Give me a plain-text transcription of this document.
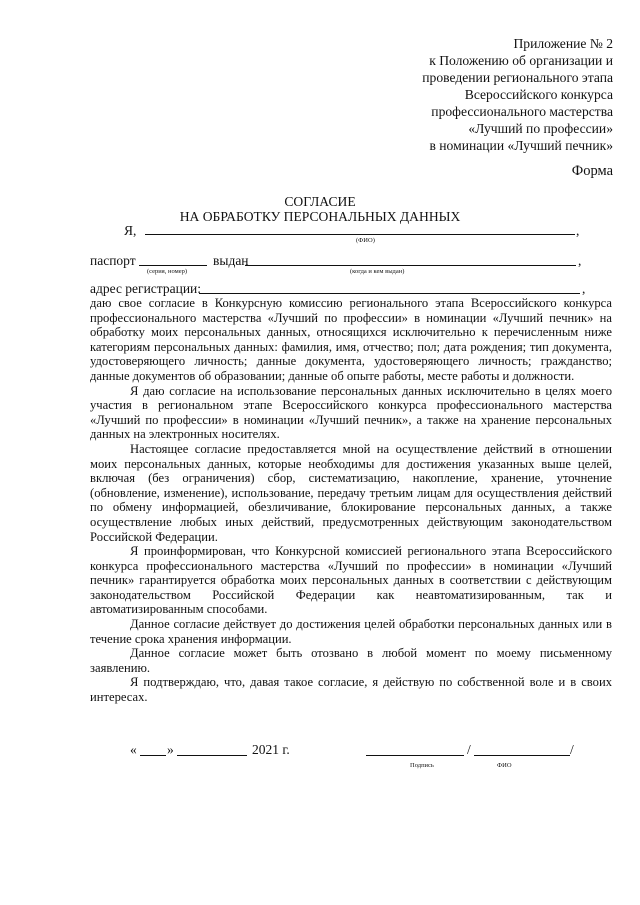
Приложение № 2
к Положению об организации и
проведении регионального этапа
Всероссийского конкурса
профессионального мастерства
«Лучший по профессии»
в номинации «Лучший печник»
Форма
СОГЛАСИЕ
НА ОБРАБОТКУ ПЕРСОНАЛЬНЫХ ДАННЫХ
Я,	,
(ФИО)
паспорт
(серия, номер)
выдан	,
(когда и кем выдан)
адрес регистрации:	,

даю свое согласие в Конкурсную комиссию регионального этапа Всероссийского конкурса профессионального мастерства «Лучший по профессии» в номинации «Лучший печник» на обработку моих персональных данных, относящихся исключительно к перечисленным ниже категориям персональных данных: фамилия, имя, отчество; пол; дата рождения; тип документа, удостоверяющего личность; данные документа, удостоверяющего личность; гражданство; данные документов об образовании; данные об опыте работы, месте работы и должности.

Я даю согласие на использование персональных данных исключительно в целях моего участия в региональном этапе Всероссийского конкурса профессионального мастерства «Лучший по профессии» в номинации «Лучший печник», а также на хранение персональных данных на электронных носителях.

Настоящее согласие предоставляется мной на осуществление действий в отношении моих персональных данных, которые необходимы для достижения указанных выше целей, включая (без ограничения) сбор, систематизацию, накопление, хранение, уточнение (обновление, изменение), использование, передачу третьим лицам для осуществления действий по обмену информацией, обезличивание, блокирование персональных данных, а также осуществление любых иных действий, предусмотренных действующим законодательством Российской Федерации.

Я проинформирован, что Конкурсной комиссией регионального этапа Всероссийского конкурса профессионального мастерства «Лучший по профессии» в номинации «Лучший печник» гарантируется обработка моих персональных данных в соответствии с действующим законодательством Российской Федерации как неавтоматизированным, так и автоматизированным способами.

Данное согласие действует до достижения целей обработки персональных данных или в течение срока хранения информации.

Данное согласие может быть отозвано в любой момент по моему письменному заявлению.

Я подтверждаю, что, давая такое согласие, я действую по собственной воле и в своих интересах.

« »	2021 г.	/	/
Подпись	ФИО
